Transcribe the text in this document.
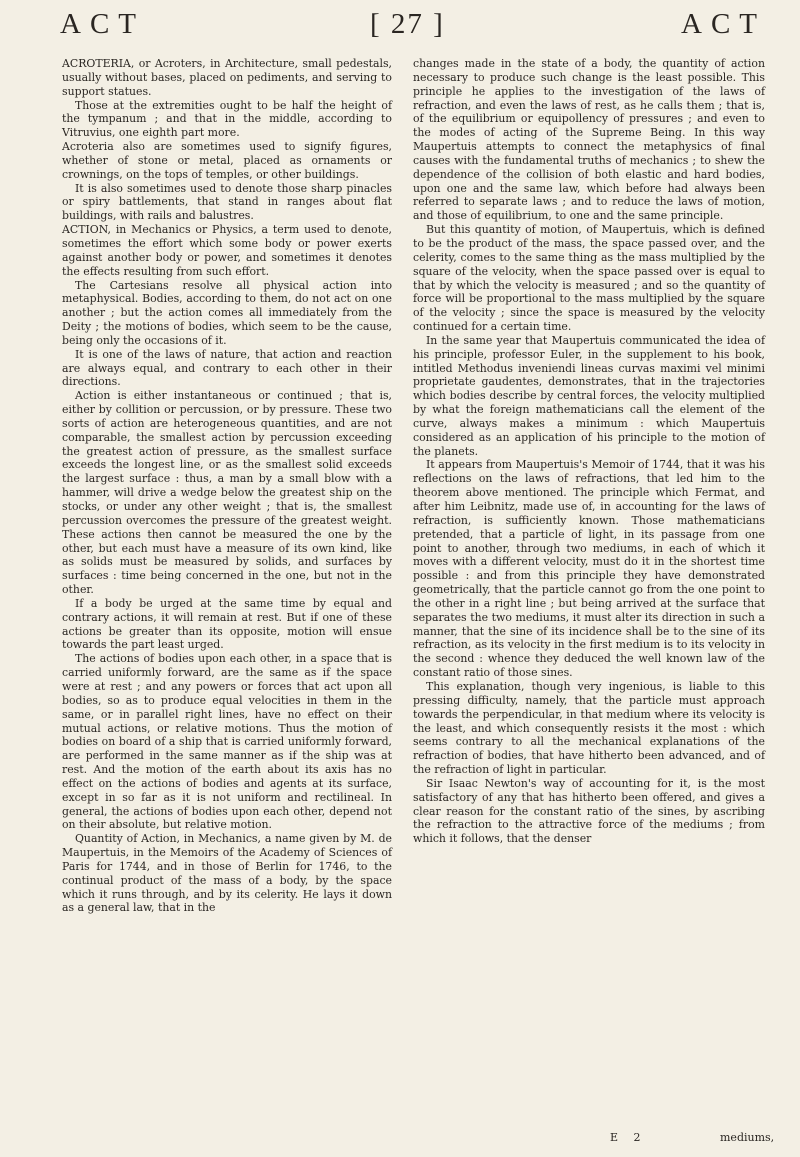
ACT	[ 27 ]	ACT

ACROTERIA, or Acroters, in Architecture, small pedestals, usually without bases, placed on pediments, and serving to support statues.

Those at the extremities ought to be half the height of the tympanum ; and that in the middle, according to Vitruvius, one eighth part more.

Acroteria also are sometimes used to signify figures, whether of stone or metal, placed as ornaments or crownings, on the tops of temples, or other buildings.

It is also sometimes used to denote those sharp pinacles or spiry battlements, that stand in ranges about flat buildings, with rails and balustres.

ACTION, in Mechanics or Physics, a term used to denote, sometimes the effort which some body or power exerts against another body or power, and sometimes it denotes the effects resulting from such effort.

The Cartesians resolve all physical action into metaphysical. Bodies, according to them, do not act on one another ; but the action comes all immediately from the Deity ; the motions of bodies, which seem to be the cause, being only the occasions of it.

It is one of the laws of nature, that action and reaction are always equal, and contrary to each other in their directions.

Action is either instantaneous or continued ; that is, either by collition or percussion, or by pressure. These two sorts of action are heterogeneous quantities, and are not comparable, the smallest action by percussion exceeding the greatest action of pressure, as the smallest surface exceeds the longest line, or as the smallest solid exceeds the largest surface : thus, a man by a small blow with a hammer, will drive a wedge below the greatest ship on the stocks, or under any other weight ; that is, the smallest percussion overcomes the pressure of the greatest weight. These actions then cannot be measured the one by the other, but each must have a measure of its own kind, like as solids must be measured by solids, and surfaces by surfaces : time being concerned in the one, but not in the other.

If a body be urged at the same time by equal and contrary actions, it will remain at rest. But if one of these actions be greater than its opposite, motion will ensue towards the part least urged.

The actions of bodies upon each other, in a space that is carried uniformly forward, are the same as if the space were at rest ; and any powers or forces that act upon all bodies, so as to produce equal velocities in them in the same, or in parallel right lines, have no effect on their mutual actions, or relative motions. Thus the motion of bodies on board of a ship that is carried uniformly forward, are performed in the same manner as if the ship was at rest. And the motion of the earth about its axis has no effect on the actions of bodies and agents at its surface, except in so far as it is not uniform and rectilineal. In general, the actions of bodies upon each other, depend not on their absolute, but relative motion.

Quantity of Action, in Mechanics, a name given by M. de Maupertuis, in the Memoirs of the Academy of Sciences of Paris for 1744, and in those of Berlin for 1746, to the continual product of the mass of a body, by the space which it runs through, and by its celerity. He lays it down as a general law, that in the

changes made in the state of a body, the quantity of action necessary to produce such change is the least possible. This principle he applies to the investigation of the laws of refraction, and even the laws of rest, as he calls them ; that is, of the equilibrium or equipollency of pressures ; and even to the modes of acting of the Supreme Being. In this way Maupertuis attempts to connect the metaphysics of final causes with the fundamental truths of mechanics ; to shew the dependence of the collision of both elastic and hard bodies, upon one and the same law, which before had always been referred to separate laws ; and to reduce the laws of motion, and those of equilibrium, to one and the same principle.

But this quantity of motion, of Maupertuis, which is defined to be the product of the mass, the space passed over, and the celerity, comes to the same thing as the mass multiplied by the square of the velocity, when the space passed over is equal to that by which the velocity is measured ; and so the quantity of force will be proportional to the mass multiplied by the square of the velocity ; since the space is measured by the velocity continued for a certain time.

In the same year that Maupertuis communicated the idea of his principle, professor Euler, in the supplement to his book, intitled Methodus inveniendi lineas curvas maximi vel minimi proprietate gaudentes, demonstrates, that in the trajectories which bodies describe by central forces, the velocity multiplied by what the foreign mathematicians call the element of the curve, always makes a minimum : which Maupertuis considered as an application of his principle to the motion of the planets.

It appears from Maupertuis's Memoir of 1744, that it was his reflections on the laws of refractions, that led him to the theorem above mentioned. The principle which Fermat, and after him Leibnitz, made use of, in accounting for the laws of refraction, is sufficiently known. Those mathematicians pretended, that a particle of light, in its passage from one point to another, through two mediums, in each of which it moves with a different velocity, must do it in the shortest time possible : and from this principle they have demonstrated geometrically, that the particle cannot go from the one point to the other in a right line ; but being arrived at the surface that separates the two mediums, it must alter its direction in such a manner, that the sine of its incidence shall be to the sine of its refraction, as its velocity in the first medium is to its velocity in the second : whence they deduced the well known law of the constant ratio of those sines.

This explanation, though very ingenious, is liable to this pressing difficulty, namely, that the particle must approach towards the perpendicular, in that medium where its velocity is the least, and which consequently resists it the most : which seems contrary to all the mechanical explanations of the refraction of bodies, that have hitherto been advanced, and of the refraction of light in particular.

Sir Isaac Newton's way of accounting for it, is the most satisfactory of any that has hitherto been offered, and gives a clear reason for the constant ratio of the sines, by ascribing the refraction to the attractive force of the mediums ; from which it follows, that the denser

E 2	mediums,
